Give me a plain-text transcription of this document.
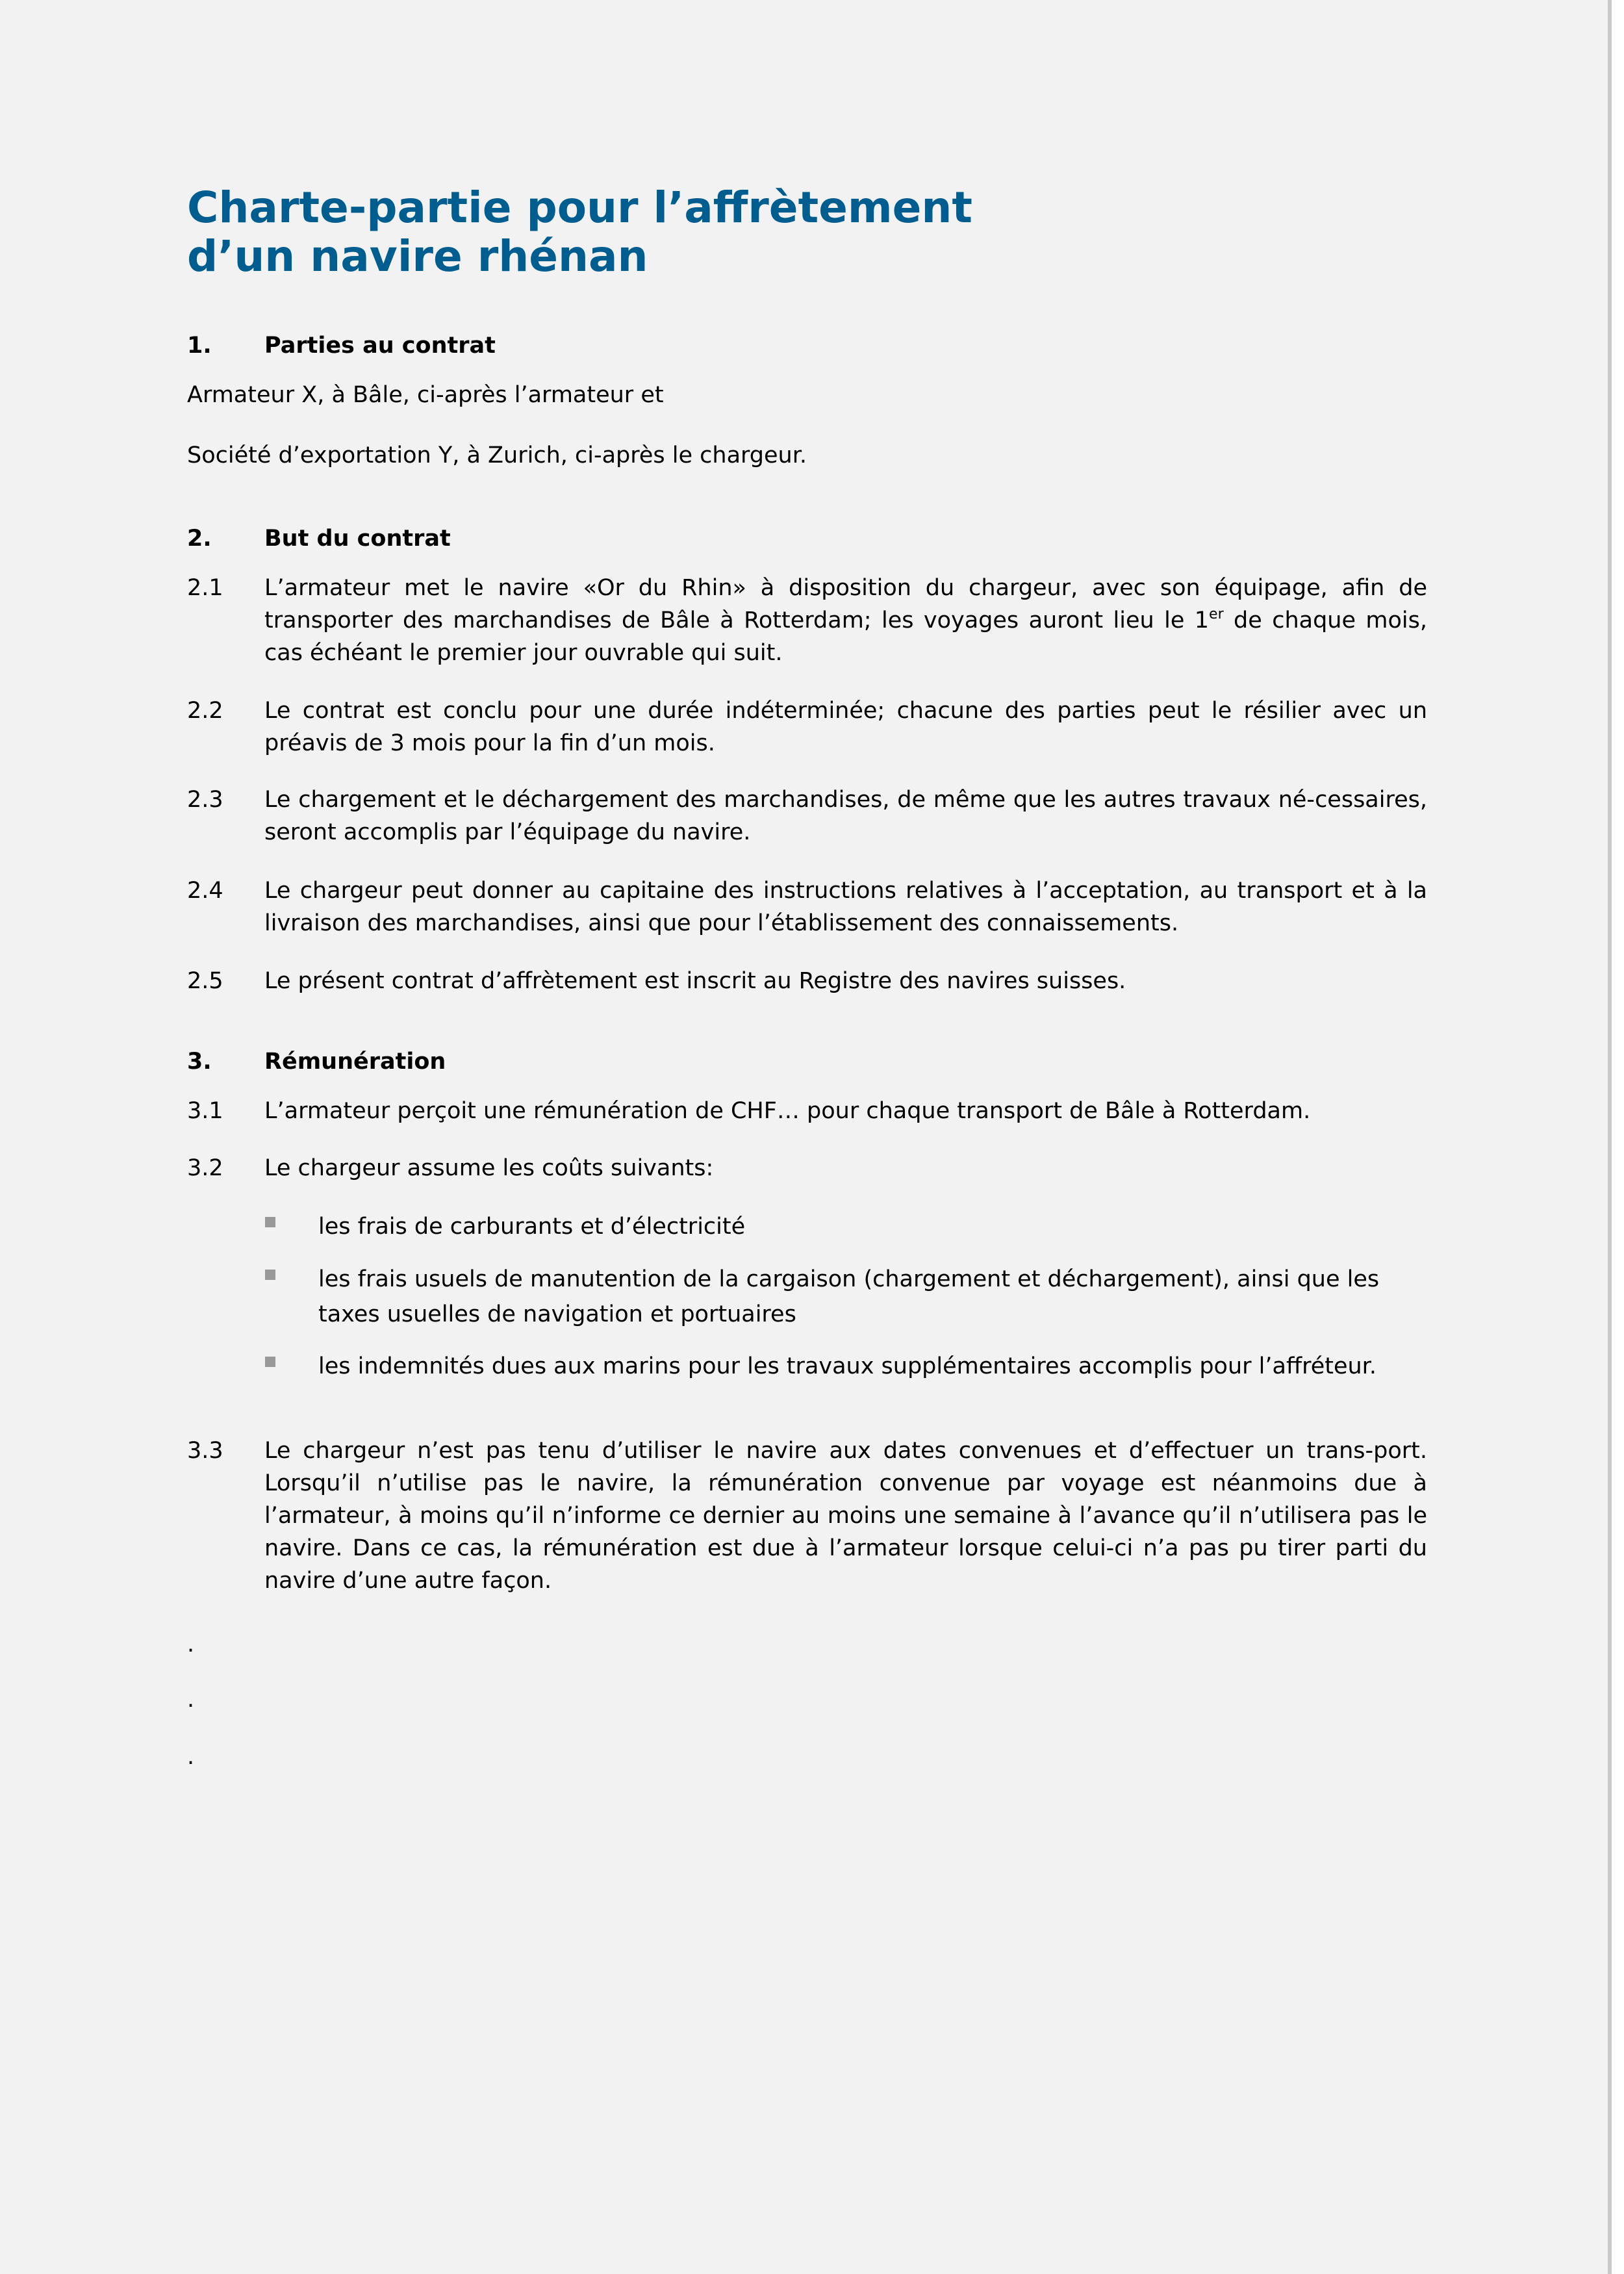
Charte-partie pour l’affrètement
d’un navire rhénan
1.	Parties au contrat
Armateur X, à Bâle, ci-après l’armateur et
Société d’exportation Y, à Zurich, ci-après le chargeur.
2.	But du contrat
2.1	L’armateur met le navire «Or du Rhin» à disposition du chargeur, avec son équipage, afin de transporter des marchandises de Bâle à Rotterdam; les voyages auront lieu le 1er de chaque mois, cas échéant le premier jour ouvrable qui suit.
2.2	Le contrat est conclu pour une durée indéterminée; chacune des parties peut le résilier avec un préavis de 3 mois pour la fin d’un mois.
2.3	Le chargement et le déchargement des marchandises, de même que les autres travaux né-cessaires, seront accomplis par l’équipage du navire.
2.4	Le chargeur peut donner au capitaine des instructions relatives à l’acceptation, au transport et à la livraison des marchandises, ainsi que pour l’établissement des connaissements.
2.5	Le présent contrat d’affrètement est inscrit au Registre des navires suisses.
3.	Rémunération
3.1	L’armateur perçoit une rémunération de CHF… pour chaque transport de Bâle à Rotterdam.
3.2	Le chargeur assume les coûts suivants:
les frais de carburants et d’électricité
les frais usuels de manutention de la cargaison (chargement et déchargement), ainsi que les taxes usuelles de navigation et portuaires
les indemnités dues aux marins pour les travaux supplémentaires accomplis pour l’affréteur.
3.3	Le chargeur n’est pas tenu d’utiliser le navire aux dates convenues et d’effectuer un trans-port. Lorsqu’il n’utilise pas le navire, la rémunération convenue par voyage est néanmoins due à l’armateur, à moins qu’il n’informe ce dernier au moins une semaine à l’avance qu’il n’utilisera pas le navire. Dans ce cas, la rémunération est due à l’armateur lorsque celui-ci n’a pas pu tirer parti du navire d’une autre façon.
.
.
.
